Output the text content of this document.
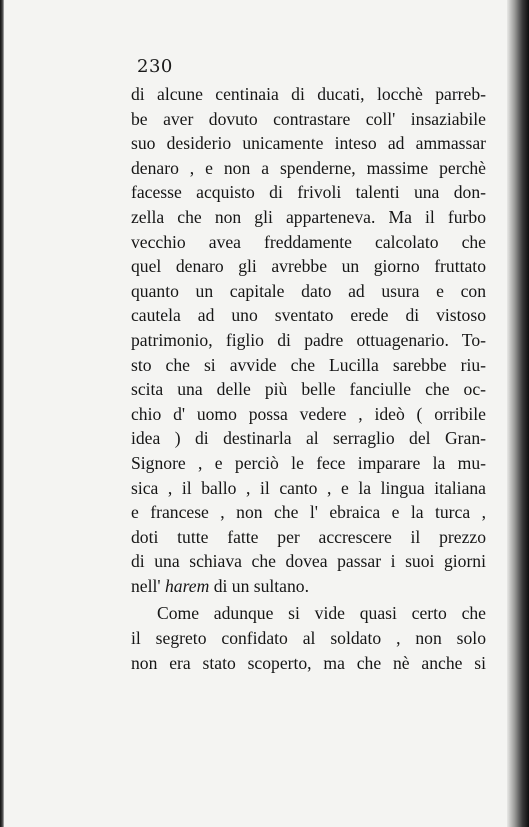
230
di alcune centinaia di ducati, locchè parreb-
be aver dovuto contrastare coll' insaziabile
suo desiderio unicamente inteso ad ammassar
denaro , e non a spenderne, massime perchè
facesse acquisto di frivoli talenti una don-
zella che non gli apparteneva. Ma il furbo
vecchio avea freddamente calcolato che
quel denaro gli avrebbe un giorno fruttato
quanto un capitale dato ad usura e con
cautela ad uno sventato erede di vistoso
patrimonio, figlio di padre ottuagenario. To-
sto che si avvide che Lucilla sarebbe riu-
scita una delle più belle fanciulle che oc-
chio d' uomo possa vedere , ideò ( orribile
idea ) di destinarla al serraglio del Gran-
Signore , e perciò le fece imparare la mu-
sica , il ballo , il canto , e la lingua italiana
e francese , non che l' ebraica e la turca ,
doti tutte fatte per accrescere il prezzo
di una schiava che dovea passar i suoi giorni
nell' harem di un sultano.
Come adunque si vide quasi certo che
il segreto confidato al soldato , non solo
non era stato scoperto, ma che nè anche si
